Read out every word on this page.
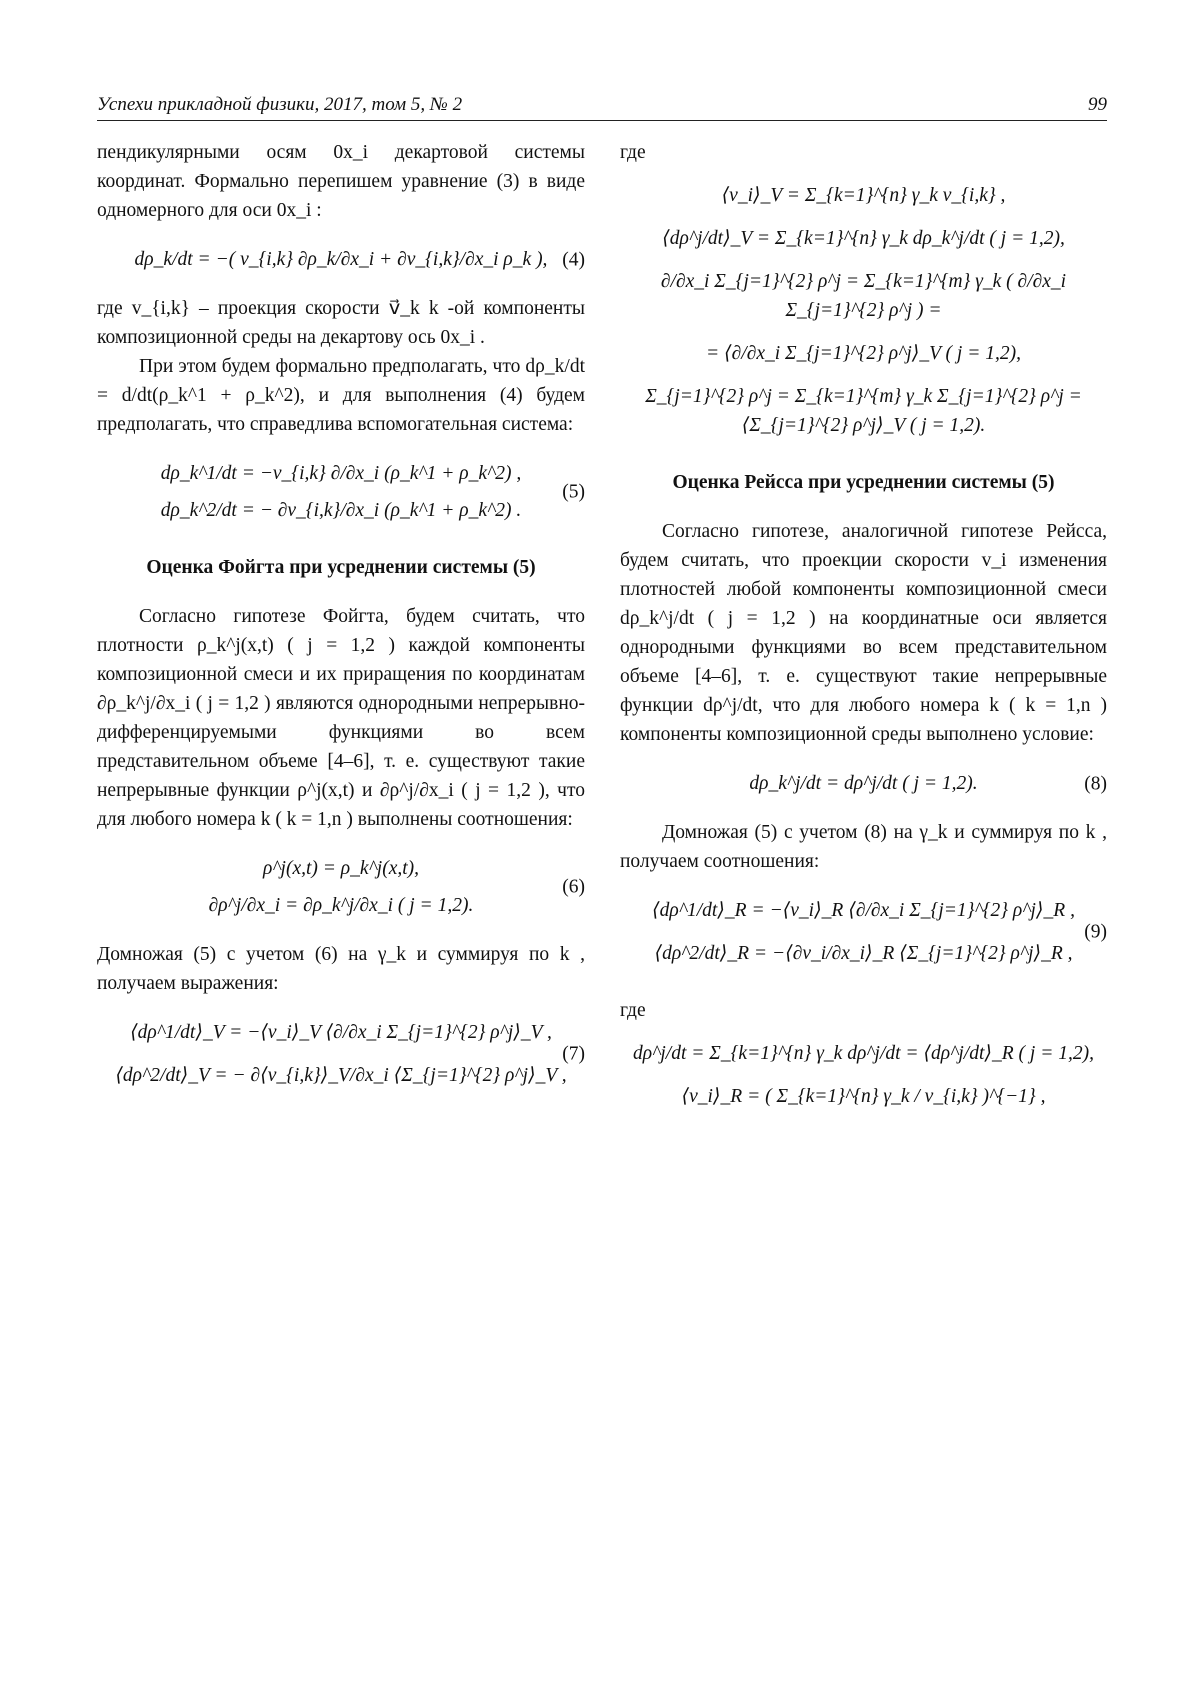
Успехи прикладной физики, 2017, том 5, № 2	99

пендикулярными осям 0x_i декартовой системы координат. Формально перепишем уравнение (3) в виде одномерного для оси 0x_i :

dρ_k/dt = −( v_{i,k} ∂ρ_k/∂x_i + ∂v_{i,k}/∂x_i ρ_k ), (4)

где v_{i,k} – проекция скорости v⃗_k k -ой компоненты композиционной среды на декартову ось 0x_i .

При этом будем формально предполагать, что dρ_k/dt = d/dt(ρ_k^1 + ρ_k^2), и для выполнения (4) будем предполагать, что справедлива вспомогательная система:

dρ_k^1/dt = −v_{i,k} ∂/∂x_i (ρ_k^1 + ρ_k^2) ,
dρ_k^2/dt = − ∂v_{i,k}/∂x_i (ρ_k^1 + ρ_k^2) .
(5)
Оценка Фойгта при усреднении системы (5)

Согласно гипотезе Фойгта, будем считать, что плотности ρ_k^j(x,t) ( j = 1,2 ) каждой компоненты композиционной смеси и их приращения по координатам ∂ρ_k^j/∂x_i ( j = 1,2 ) являются однородными непрерывно-дифференцируемыми функциями во всем представительном объеме [4–6], т. е. существуют такие непрерывные функции ρ^j(x,t) и ∂ρ^j/∂x_i ( j = 1,2 ), что для любого номера k ( k = 1,n ) выполнены соотношения:

ρ^j(x,t) = ρ_k^j(x,t),
∂ρ^j/∂x_i = ∂ρ_k^j/∂x_i ( j = 1,2).
(6)

Домножая (5) с учетом (6) на γ_k и суммируя по k , получаем выражения:

⟨dρ^1/dt⟩_V = −⟨v_i⟩_V ⟨∂/∂x_i Σ_{j=1}^{2} ρ^j⟩_V ,
⟨dρ^2/dt⟩_V = − ∂⟨v_{i,k}⟩_V/∂x_i ⟨Σ_{j=1}^{2} ρ^j⟩_V ,
(7)

где

⟨v_i⟩_V = Σ_{k=1}^{n} γ_k v_{i,k} ,
⟨dρ^j/dt⟩_V = Σ_{k=1}^{n} γ_k dρ_k^j/dt ( j = 1,2),
∂/∂x_i Σ_{j=1}^{2} ρ^j = Σ_{k=1}^{m} γ_k ( ∂/∂x_i Σ_{j=1}^{2} ρ^j ) =
= ⟨∂/∂x_i Σ_{j=1}^{2} ρ^j⟩_V ( j = 1,2),
Σ_{j=1}^{2} ρ^j = Σ_{k=1}^{m} γ_k Σ_{j=1}^{2} ρ^j = ⟨Σ_{j=1}^{2} ρ^j⟩_V ( j = 1,2).
Оценка Рейсса при усреднении системы (5)

Согласно гипотезе, аналогичной гипотезе Рейсса, будем считать, что проекции скорости v_i изменения плотностей любой компоненты композиционной смеси dρ_k^j/dt ( j = 1,2 ) на координатные оси является однородными функциями во всем представительном объеме [4–6], т. е. существуют такие непрерывные функции dρ^j/dt, что для любого номера k ( k = 1,n ) компоненты композиционной среды выполнено условие:

dρ_k^j/dt = dρ^j/dt ( j = 1,2).	(8)

Домножая (5) с учетом (8) на γ_k и суммируя по k , получаем соотношения:

⟨dρ^1/dt⟩_R = −⟨v_i⟩_R ⟨∂/∂x_i Σ_{j=1}^{2} ρ^j⟩_R ,
⟨dρ^2/dt⟩_R = −⟨∂v_i/∂x_i⟩_R ⟨Σ_{j=1}^{2} ρ^j⟩_R ,
(9)

где

dρ^j/dt = Σ_{k=1}^{n} γ_k dρ^j/dt = ⟨dρ^j/dt⟩_R ( j = 1,2),
⟨v_i⟩_R = ( Σ_{k=1}^{n} γ_k / v_{i,k} )^{−1} ,
